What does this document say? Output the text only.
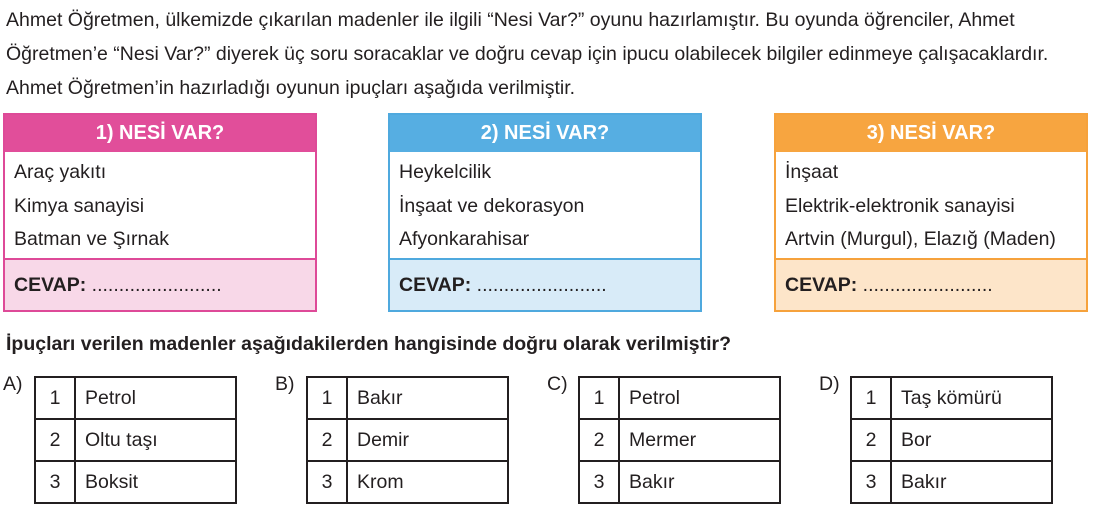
Ahmet Öğretmen, ülkemizde çıkarılan madenler ile ilgili “Nesi Var?” oyunu hazırlamıştır. Bu oyunda öğrenciler, Ahmet Öğretmen’e “Nesi Var?” diyerek üç soru soracaklar ve doğru cevap için ipucu olabilecek bilgiler edinmeye çalışacaklardır. Ahmet Öğretmen’in hazırladığı oyunun ipuçları aşağıda verilmiştir.

1) NESİ VAR?
Araç yakıtı
Kimya sanayisi
Batman ve Şırnak
CEVAP: ........................
2) NESİ VAR?
Heykelcilik
İnşaat ve dekorasyon
Afyonkarahisar
CEVAP: ........................
3) NESİ VAR?
İnşaat
Elektrik-elektronik sanayisi
Artvin (Murgul), Elazığ (Maden)
CEVAP: ........................

İpuçları verilen madenler aşağıdakilerden hangisinde doğru olarak verilmiştir?

A)
1	Petrol
2	Oltu taşı
3	Boksit
B)
1	Bakır
2	Demir
3	Krom
C)
1	Petrol
2	Mermer
3	Bakır
D)
1	Taş kömürü
2	Bor
3	Bakır
